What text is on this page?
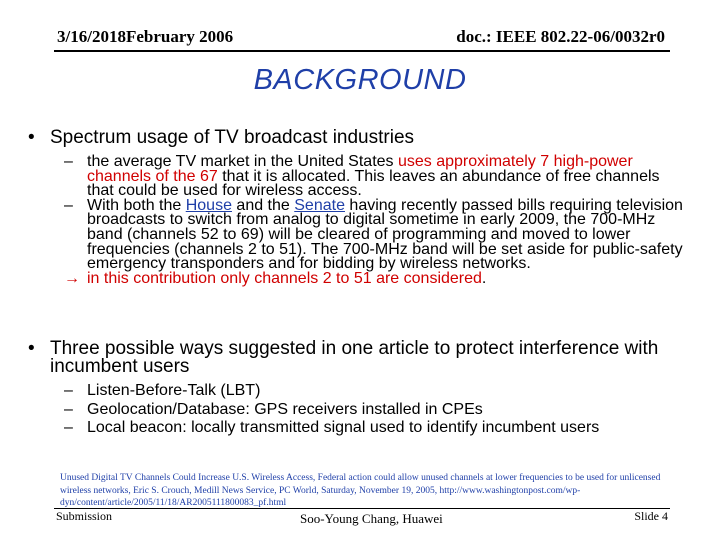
3/16/2018February 2006	doc.: IEEE 802.22-06/0032r0
BACKGROUND
• Spectrum usage of TV broadcast industries
– the average TV market in the United States uses approximately 7 high-power channels of the 67 that it is allocated. This leaves an abundance of free channels that could be used for wireless access.
– With both the House and the Senate having recently passed bills requiring television broadcasts to switch from analog to digital sometime in early 2009, the 700-MHz band (channels 52 to 69) will be cleared of programming and moved to lower frequencies (channels 2 to 51). The 700-MHz band will be set aside for public-safety emergency transponders and for bidding by wireless networks.
→ in this contribution only channels 2 to 51 are considered.
• Three possible ways suggested in one article to protect interference with incumbent users
– Listen-Before-Talk (LBT)
– Geolocation/Database: GPS receivers installed in CPEs
– Local beacon: locally transmitted signal used to identify incumbent users
Unused Digital TV Channels Could Increase U.S. Wireless Access, Federal action could allow unused channels at lower frequencies to be used for unlicensed wireless networks, Eric S. Crouch, Medill News Service, PC World, Saturday, November 19, 2005, http://www.washingtonpost.com/wp-dyn/content/article/2005/11/18/AR2005111800083_pf.html
Submission	Soo-Young Chang, Huawei	Slide 4
